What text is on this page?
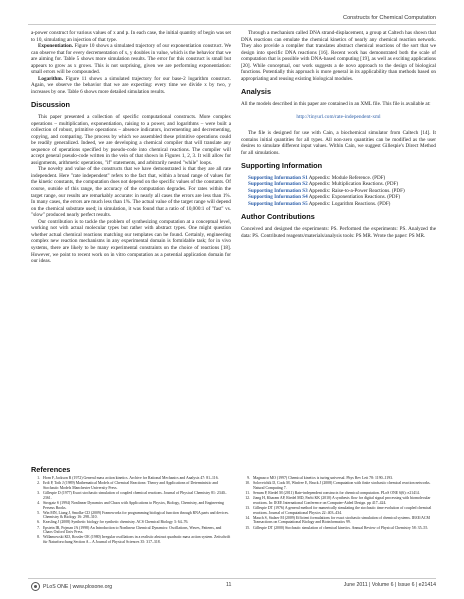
Constructs for Chemical Computation

a-power construct for various values of x and p. In each case, the initial quantity of begin was set to 10, simulating an injection of that type.

Exponentiation. Figure 10 shows a simulated trajectory of our exponentiation construct. We can observe that for every decrementation of x, y doubles in value, which is the behavior that we are aiming for. Table 5 shows more simulation results. The error for this construct is small but appears to grow as x grows. This is not surprising, given we are performing exponentiation: small errors will be compounded.

Logarithm. Figure 11 shows a simulated trajectory for our base-2 logarithm construct. Again, we observe the behavior that we are expecting: every time we divide x by two, y increases by one. Table 6 shows more detailed simulation results.

Discussion

This paper presented a collection of specific computational constructs. More complex operations – multiplication, exponentiation, raising to a power, and logarithms – were built a collection of robust, primitive operations – absence indicators, incrementing and decrementing, copying, and comparing. The process by which we assembled these primitive operations could be readily generalized. Indeed, we are developing a chemical compiler that will translate any sequence of operations specified by pseudo-code into chemical reactions. The compiler will accept general pseudo-code written in the vein of that shown in Figures 1, 2, 3. It will allow for assignments, arithmetic operations, "if" statements, and arbitrarily nested "while" loops.

The novelty and value of the constructs that we have demonstrated is that they are all rate independent. Here "rate independent" refers to the fact that, within a broad range of values for the kinetic constants, the computation does not depend on the specific values of the constants. Of course, outside of this range, the accuracy of the computation degrades. For rates within the target range, our results are remarkably accurate: in nearly all cases the errors are less than 1%. In many cases, the errors are much less than 1%. The actual value of the target range will depend on the chemical substrate used; in simulation, it was found that a ratio of 10,000:1 of "fast" vs. "slow" produced nearly perfect results.

Our contribution is to tackle the problem of synthesizing computation at a conceptual level, working not with actual molecular types but rather with abstract types. One might question whether actual chemical reactions matching our templates can be found. Certainly, engineering complex new reaction mechanisms in any experimental domain is formidable task; for in vivo systems, there are likely to be many experimental constraints on the choice of reactions [18]. However, we point to recent work on in vitro computation as a potential application domain for our ideas.

Through a mechanism called DNA strand-displacement, a group at Caltech has shown that DNA reactions can emulate the chemical kinetics of nearly any chemical reaction network. They also provide a compiler that translates abstract chemical reactions of the sort that we design into specific DNA reactions [16]. Recent work has demonstrated both the scale of computation that is possible with DNA-based computing [19], as well as exciting applications [20]. While conceptual, our work suggests a de novo approach to the design of biological functions. Potentially this approach is more general in its applicability than methods based on appropriating and reusing existing biological modules.

Analysis

All the models described in this paper are contained in an XML file. This file is available at:

http://tinyurl.com/rate-independent-xml

The file is designed for use with Cain, a biochemical simulator from Caltech [14]. It contains initial quantities for all types. All non-zero quantities can be modified as the user desires to simulate different input values. Within Cain, we suggest Gillespie's Direct Method for all simulations.

Supporting Information

Supporting Information S1 Appendix: Module Reference. (PDF)

Supporting Information S2 Appendix: Multiplication Reactions. (PDF)

Supporting Information S3 Appendix: Raise-to-a-Power Reactions. (PDF)

Supporting Information S4 Appendix: Exponentiation Reactions. (PDF)

Supporting Information S5 Appendix: Logarithm Reactions. (PDF)

Author Contributions

Conceived and designed the experiments: PS. Performed the experiments: PS. Analyzed the data: PS. Contributed reagents/materials/analysis tools: PS MR. Wrote the paper: PS MR.

References
1. Horn F, Jackson R (1972) General mass action kinetics. Archive for Rational Mechanics and Analysis 47: 81–116.
2. Erdi P, Toth J (1989) Mathematical Models of Chemical Reactions: Theory and Applications of Deterministic and Stochastic Models Manchester University Press.
3. Gillespie D (1977) Exact stochastic simulation of coupled chemical reactions. Journal of Physical Chemistry 81: 2340–2361.
4. Strogatz S (1994) Nonlinear Dynamics and Chaos with Applications to Physics, Biology, Chemistry, and Engineering Perseus Books.
5. Win MN, Liang J, Smolke CD (2009) Frameworks for programming biological function through RNA parts and devices. Chemistry & Biology 16: 298–310.
6. Keasling J (2008) Synthetic biology for synthetic chemistry. ACS Chemical Biology 3: 64–76.
7. Epstein IR, Pojman JA (1998) An Introduction to Nonlinear Chemical Dynamics: Oscillations, Waves, Patterns, and Chaos Oxford Univ Press.
8. Willamowski KD, Rossler OE (1980) Irregular oscillations in a realistic abstract quadratic mass action system. Zeitschrift für Naturforschung Section A – A Journal of Physical Sciences 35: 317–318.
9. Magnasco MO (1997) Chemical kinetics is turing universal. Phys Rev Lett 78: 1190–1193.
10. Soloveichik D, Cook M, Winfree E, Bruck J (2008) Computation with finite stochastic chemical reaction networks. Natural Computing 7.
11. Senum P, Riedel M (2011) Rate-independent constructs for chemical computation. PLoS ONE 6(6): e21414.
12. Jiang H, Kharam AP, Riedel MD, Parhi KK (2010) A synthesis flow for digital signal processing with biomolecular reactions. In: IEEE International Conference on Computer-Aided Design. pp 417–424.
13. Gillespie DT (1976) A general method for numerically simulating the stochastic time evolution of coupled chemical reactions. Journal of Computational Physics 22: 403–434.
14. Mauch S, Stalzer M (2009) Efficient formulations for exact stochastic simulation of chemical systems. IEEE/ACM Transactions on Computational Biology and Bioinformatics 99.
15. Gillespie DT (2000) Stochastic simulation of chemical kinetics. Annual Review of Physical Chemistry 58: 35–55.
PLoS ONE | www.plosone.org	11	June 2011 | Volume 6 | Issue 6 | e21414
